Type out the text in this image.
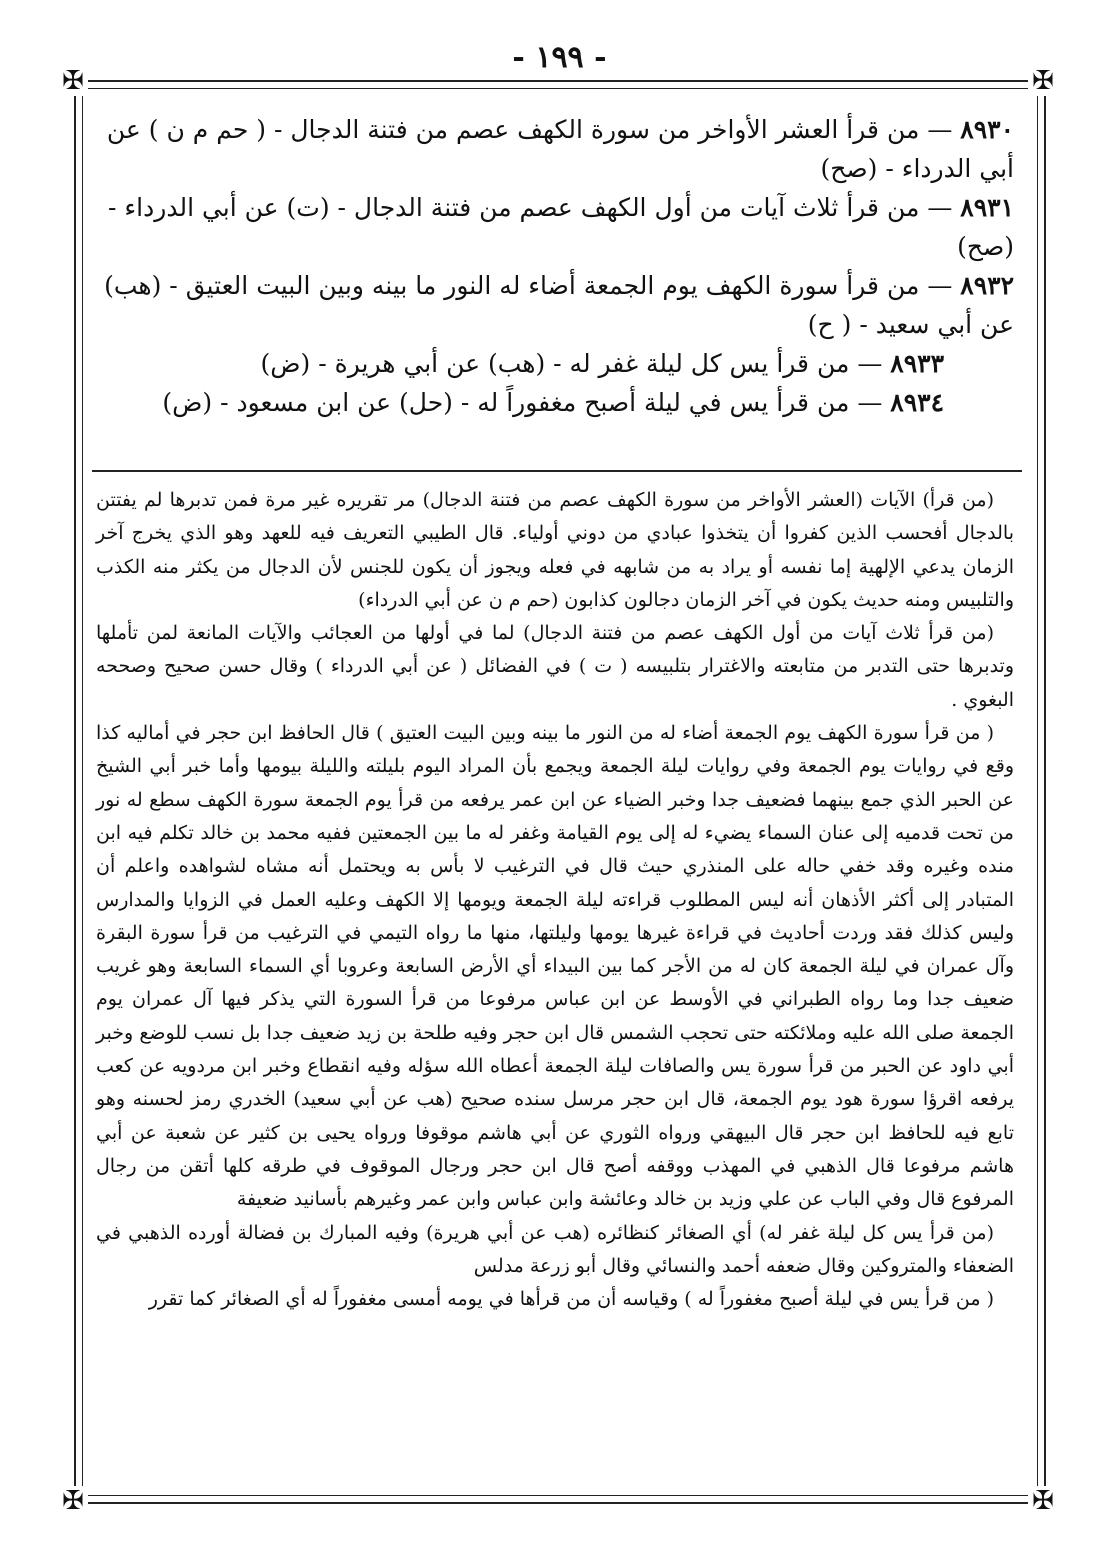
- ١٩٩ -
✠	✠
✠	✠

٨٩٣٠ — من قرأ العشر الأواخر من سورة الكهف عصم من فتنة الدجال - ( حم م ن ) عن أبي الدرداء - (صح)

٨٩٣١ — من قرأ ثلاث آيات من أول الكهف عصم من فتنة الدجال - (ت) عن أبي الدرداء - (صح)

٨٩٣٢ — من قرأ سورة الكهف يوم الجمعة أضاء له النور ما بينه وبين البيت العتيق - (هب) عن أبي سعيد - ( ح)

٨٩٣٣ — من قرأ يس كل ليلة غفر له - (هب) عن أبي هريرة - (ض)

٨٩٣٤ — من قرأ يس في ليلة أصبح مغفوراً له - (حل) عن ابن مسعود - (ض)

(من قرأ) الآيات (العشر الأواخر من سورة الكهف عصم من فتنة الدجال) مر تقريره غير مرة فمن تدبرها لم يفتتن بالدجال أفحسب الذين كفروا أن يتخذوا عبادي من دوني أولياء. قال الطيبي التعريف فيه للعهد وهو الذي يخرج آخر الزمان يدعي الإلهية إما نفسه أو يراد به من شابهه في فعله ويجوز أن يكون للجنس لأن الدجال من يكثر منه الكذب والتلبيس ومنه حديث يكون في آخر الزمان دجالون كذابون (حم م ن عن أبي الدرداء)

(من قرأ ثلاث آيات من أول الكهف عصم من فتنة الدجال) لما في أولها من العجائب والآيات المانعة لمن تأملها وتدبرها حتى التدبر من متابعته والاغترار بتلبيسه ( ت ) في الفضائل ( عن أبي الدرداء ) وقال حسن صحيح وصححه البغوي .

( من قرأ سورة الكهف يوم الجمعة أضاء له من النور ما بينه وبين البيت العتيق ) قال الحافظ ابن حجر في أماليه كذا وقع في روايات يوم الجمعة وفي روايات ليلة الجمعة ويجمع بأن المراد اليوم بليلته والليلة بيومها وأما خبر أبي الشيخ عن الحبر الذي جمع بينهما فضعيف جدا وخبر الضياء عن ابن عمر يرفعه من قرأ يوم الجمعة سورة الكهف سطع له نور من تحت قدميه إلى عنان السماء يضيء له إلى يوم القيامة وغفر له ما بين الجمعتين ففيه محمد بن خالد تكلم فيه ابن منده وغيره وقد خفي حاله على المنذري حيث قال في الترغيب لا بأس به ويحتمل أنه مشاه لشواهده واعلم أن المتبادر إلى أكثر الأذهان أنه ليس المطلوب قراءته ليلة الجمعة ويومها إلا الكهف وعليه العمل في الزوايا والمدارس وليس كذلك فقد وردت أحاديث في قراءة غيرها يومها وليلتها، منها ما رواه التيمي في الترغيب من قرأ سورة البقرة وآل عمران في ليلة الجمعة كان له من الأجر كما بين البيداء أي الأرض السابعة وعروبا أي السماء السابعة وهو غريب ضعيف جدا وما رواه الطبراني في الأوسط عن ابن عباس مرفوعا من قرأ السورة التي يذكر فيها آل عمران يوم الجمعة صلى الله عليه وملائكته حتى تحجب الشمس قال ابن حجر وفيه طلحة بن زيد ضعيف جدا بل نسب للوضع وخبر أبي داود عن الحبر من قرأ سورة يس والصافات ليلة الجمعة أعطاه الله سؤله وفيه انقطاع وخبر ابن مردويه عن كعب يرفعه اقرؤا سورة هود يوم الجمعة، قال ابن حجر مرسل سنده صحيح (هب عن أبي سعيد) الخدري رمز لحسنه وهو تابع فيه للحافظ ابن حجر قال البيهقي ورواه الثوري عن أبي هاشم موقوفا ورواه يحيى بن كثير عن شعبة عن أبي هاشم مرفوعا قال الذهبي في المهذب ووقفه أصح قال ابن حجر ورجال الموقوف في طرقه كلها أتقن من رجال المرفوع قال وفي الباب عن علي وزيد بن خالد وعائشة وابن عباس وابن عمر وغيرهم بأسانيد ضعيفة

(من قرأ يس كل ليلة غفر له) أي الصغائر كنظائره (هب عن أبي هريرة) وفيه المبارك بن فضالة أورده الذهبي في الضعفاء والمتروكين وقال ضعفه أحمد والنسائي وقال أبو زرعة مدلس

( من قرأ يس في ليلة أصبح مغفوراً له ) وقياسه أن من قرأها في يومه أمسى مغفوراً له أي الصغائر كما تقرر
